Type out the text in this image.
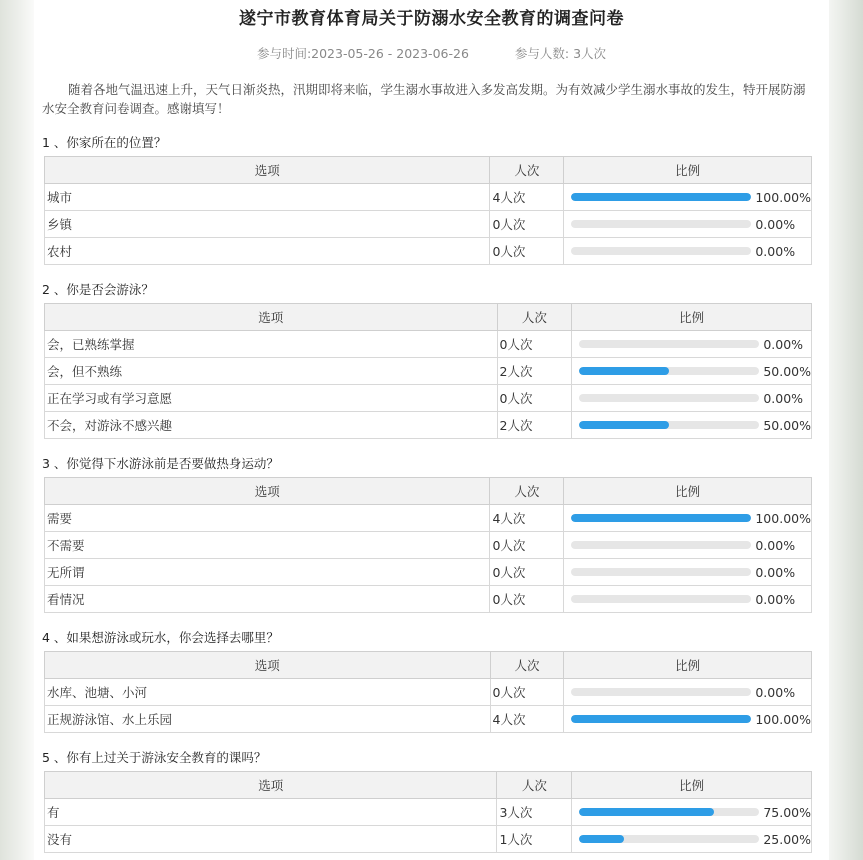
遂宁市教育体育局关于防溺水安全教育的调查问卷
参与时间:2023-05-26 - 2023-06-26	参与人数: 3人次
随着各地气温迅速上升，天气日渐炎热，汛期即将来临，学生溺水事故进入多发高发期。为有效减少学生溺水事故的发生，特开展防溺水安全教育问卷调查。感谢填写！
1 、你家所在的位置？
选项	人次	比例
城市	4人次	100.00%

乡镇	0人次	0.00%

农村	0人次	0.00%
2 、你是否会游泳？
选项	人次	比例
会，已熟练掌握	0人次	0.00%

会，但不熟练	2人次	50.00%

正在学习或有学习意愿	0人次	0.00%

不会，对游泳不感兴趣	2人次	50.00%
3 、你觉得下水游泳前是否要做热身运动？
选项	人次	比例
需要	4人次	100.00%

不需要	0人次	0.00%

无所谓	0人次	0.00%

看情况	0人次	0.00%
4 、如果想游泳或玩水，你会选择去哪里？
选项	人次	比例
水库、池塘、小河	0人次	0.00%

正规游泳馆、水上乐园	4人次	100.00%
5 、你有上过关于游泳安全教育的课吗？
选项	人次	比例
有	3人次	75.00%

没有	1人次	25.00%
